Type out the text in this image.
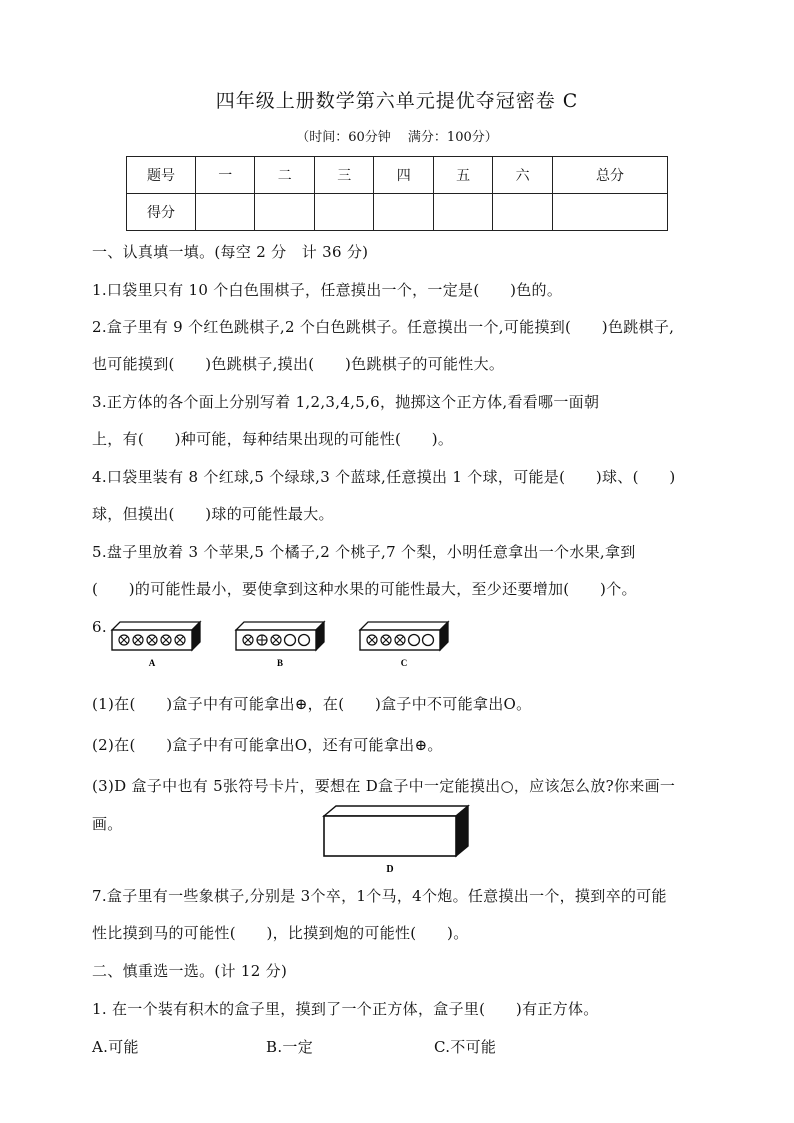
四年级上册数学第六单元提优夺冠密卷 C
（时间：60分钟　 满分：100分）
题号	一	二	三	四	五	六	总分
得分							
一、认真填一填。(每空 2 分　计 36 分)
1.口袋里只有 10 个白色围棋子，任意摸出一个，一定是(　　)色的。
2.盒子里有 9 个红色跳棋子,2 个白色跳棋子。任意摸出一个,可能摸到(　　)色跳棋子,
也可能摸到(　　)色跳棋子,摸出(　　)色跳棋子的可能性大。
3.正方体的各个面上分别写着 1,2,3,4,5,6，抛掷这个正方体,看看哪一面朝
上，有(　　)种可能，每种结果出现的可能性(　　)。
4.口袋里装有 8 个红球,5 个绿球,3 个蓝球,任意摸出 1 个球，可能是(　　)球、(　　)
球，但摸出(　　)球的可能性最大。
5.盘子里放着 3 个苹果,5 个橘子,2 个桃子,7 个梨，小明任意拿出一个水果,拿到
(　　)的可能性最小，要使拿到这种水果的可能性最大，至少还要增加(　　)个。
6.
A	B	C
(1)在(　　)盒子中有可能拿出⊕，在(　　)盒子中不可能拿出O。
(2)在(　　)盒子中有可能拿出O，还有可能拿出⊕。
(3)D 盒子中也有 5张符号卡片，要想在 D盒子中一定能摸出○，应该怎么放?你来画一
画。
D
7.盒子里有一些象棋子,分别是 3个卒，1个马，4个炮。任意摸出一个，摸到卒的可能
性比摸到马的可能性(　　)，比摸到炮的可能性(　　)。
二、慎重选一选。(计 12 分)
1. 在一个装有积木的盒子里，摸到了一个正方体，盒子里(　　)有正方体。
A.可能	B.一定	C.不可能
